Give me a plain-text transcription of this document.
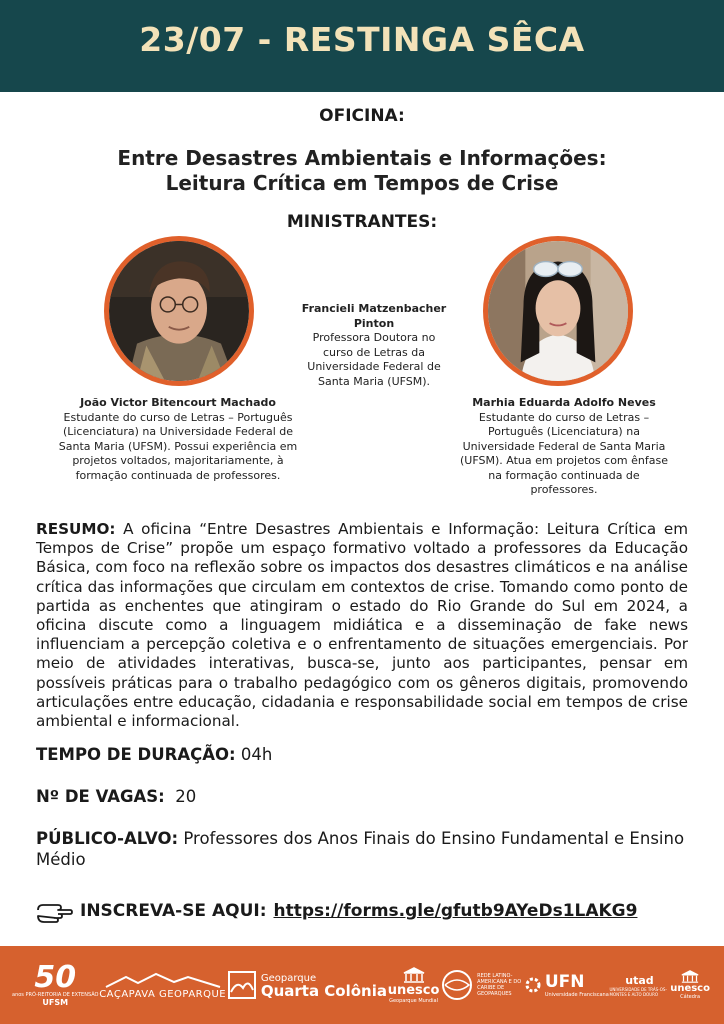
23/07 - RESTINGA SÊCA
OFICINA:
Entre Desastres Ambientais e Informações:
Leitura Crítica em Tempos de Crise
MINISTRANTES:
João Victor Bitencourt Machado
Estudante do curso de Letras – Português (Licenciatura) na Universidade Federal de Santa Maria (UFSM). Possui experiência em projetos voltados, majoritariamente, à formação continuada de professores.
Francieli Matzenbacher Pinton
Professora Doutora no curso de Letras da Universidade Federal de Santa Maria (UFSM).
Marhia Eduarda Adolfo Neves
Estudante do curso de Letras – Português (Licenciatura) na Universidade Federal de Santa Maria (UFSM). Atua em projetos com ênfase na formação continuada de professores.
RESUMO: A oficina “Entre Desastres Ambientais e Informação: Leitura Crítica em Tempos de Crise” propõe um espaço formativo voltado a professores da Educação Básica, com foco na reflexão sobre os impactos dos desastres climáticos e na análise crítica das informações que circulam em contextos de crise. Tomando como ponto de partida as enchentes que atingiram o estado do Rio Grande do Sul em 2024, a oficina discute como a linguagem midiática e a disseminação de fake news influenciam a percepção coletiva e o enfrentamento de situações emergenciais. Por meio de atividades interativas, busca-se, junto aos participantes, pensar em possíveis práticas para o trabalho pedagógico com os gêneros digitais, promovendo articulações entre educação, cidadania e responsabilidade social em tempos de crise ambiental e informacional.
TEMPO DE DURAÇÃO: 04h
Nº DE VAGAS:  20
PÚBLICO-ALVO: Professores dos Anos Finais do Ensino Fundamental e Ensino Médio
INSCREVA-SE AQUI: https://forms.gle/gfutb9AYeDs1LAKG9
50
anos PRÓ-REITORIA DE EXTENSÃO
UFSM
CAÇAPAVA GEOPARQUE
Geoparque
Quarta Colônia unesco
Geoparque Mundial
REDE LATINO-AMERICANA E DO CARIBE DE GEOPARQUES
UFN
Universidade Franciscana
utad
UNIVERSIDADE DE TRÁS-OS-MONTES E ALTO DOURO	unesco
Cátedra
